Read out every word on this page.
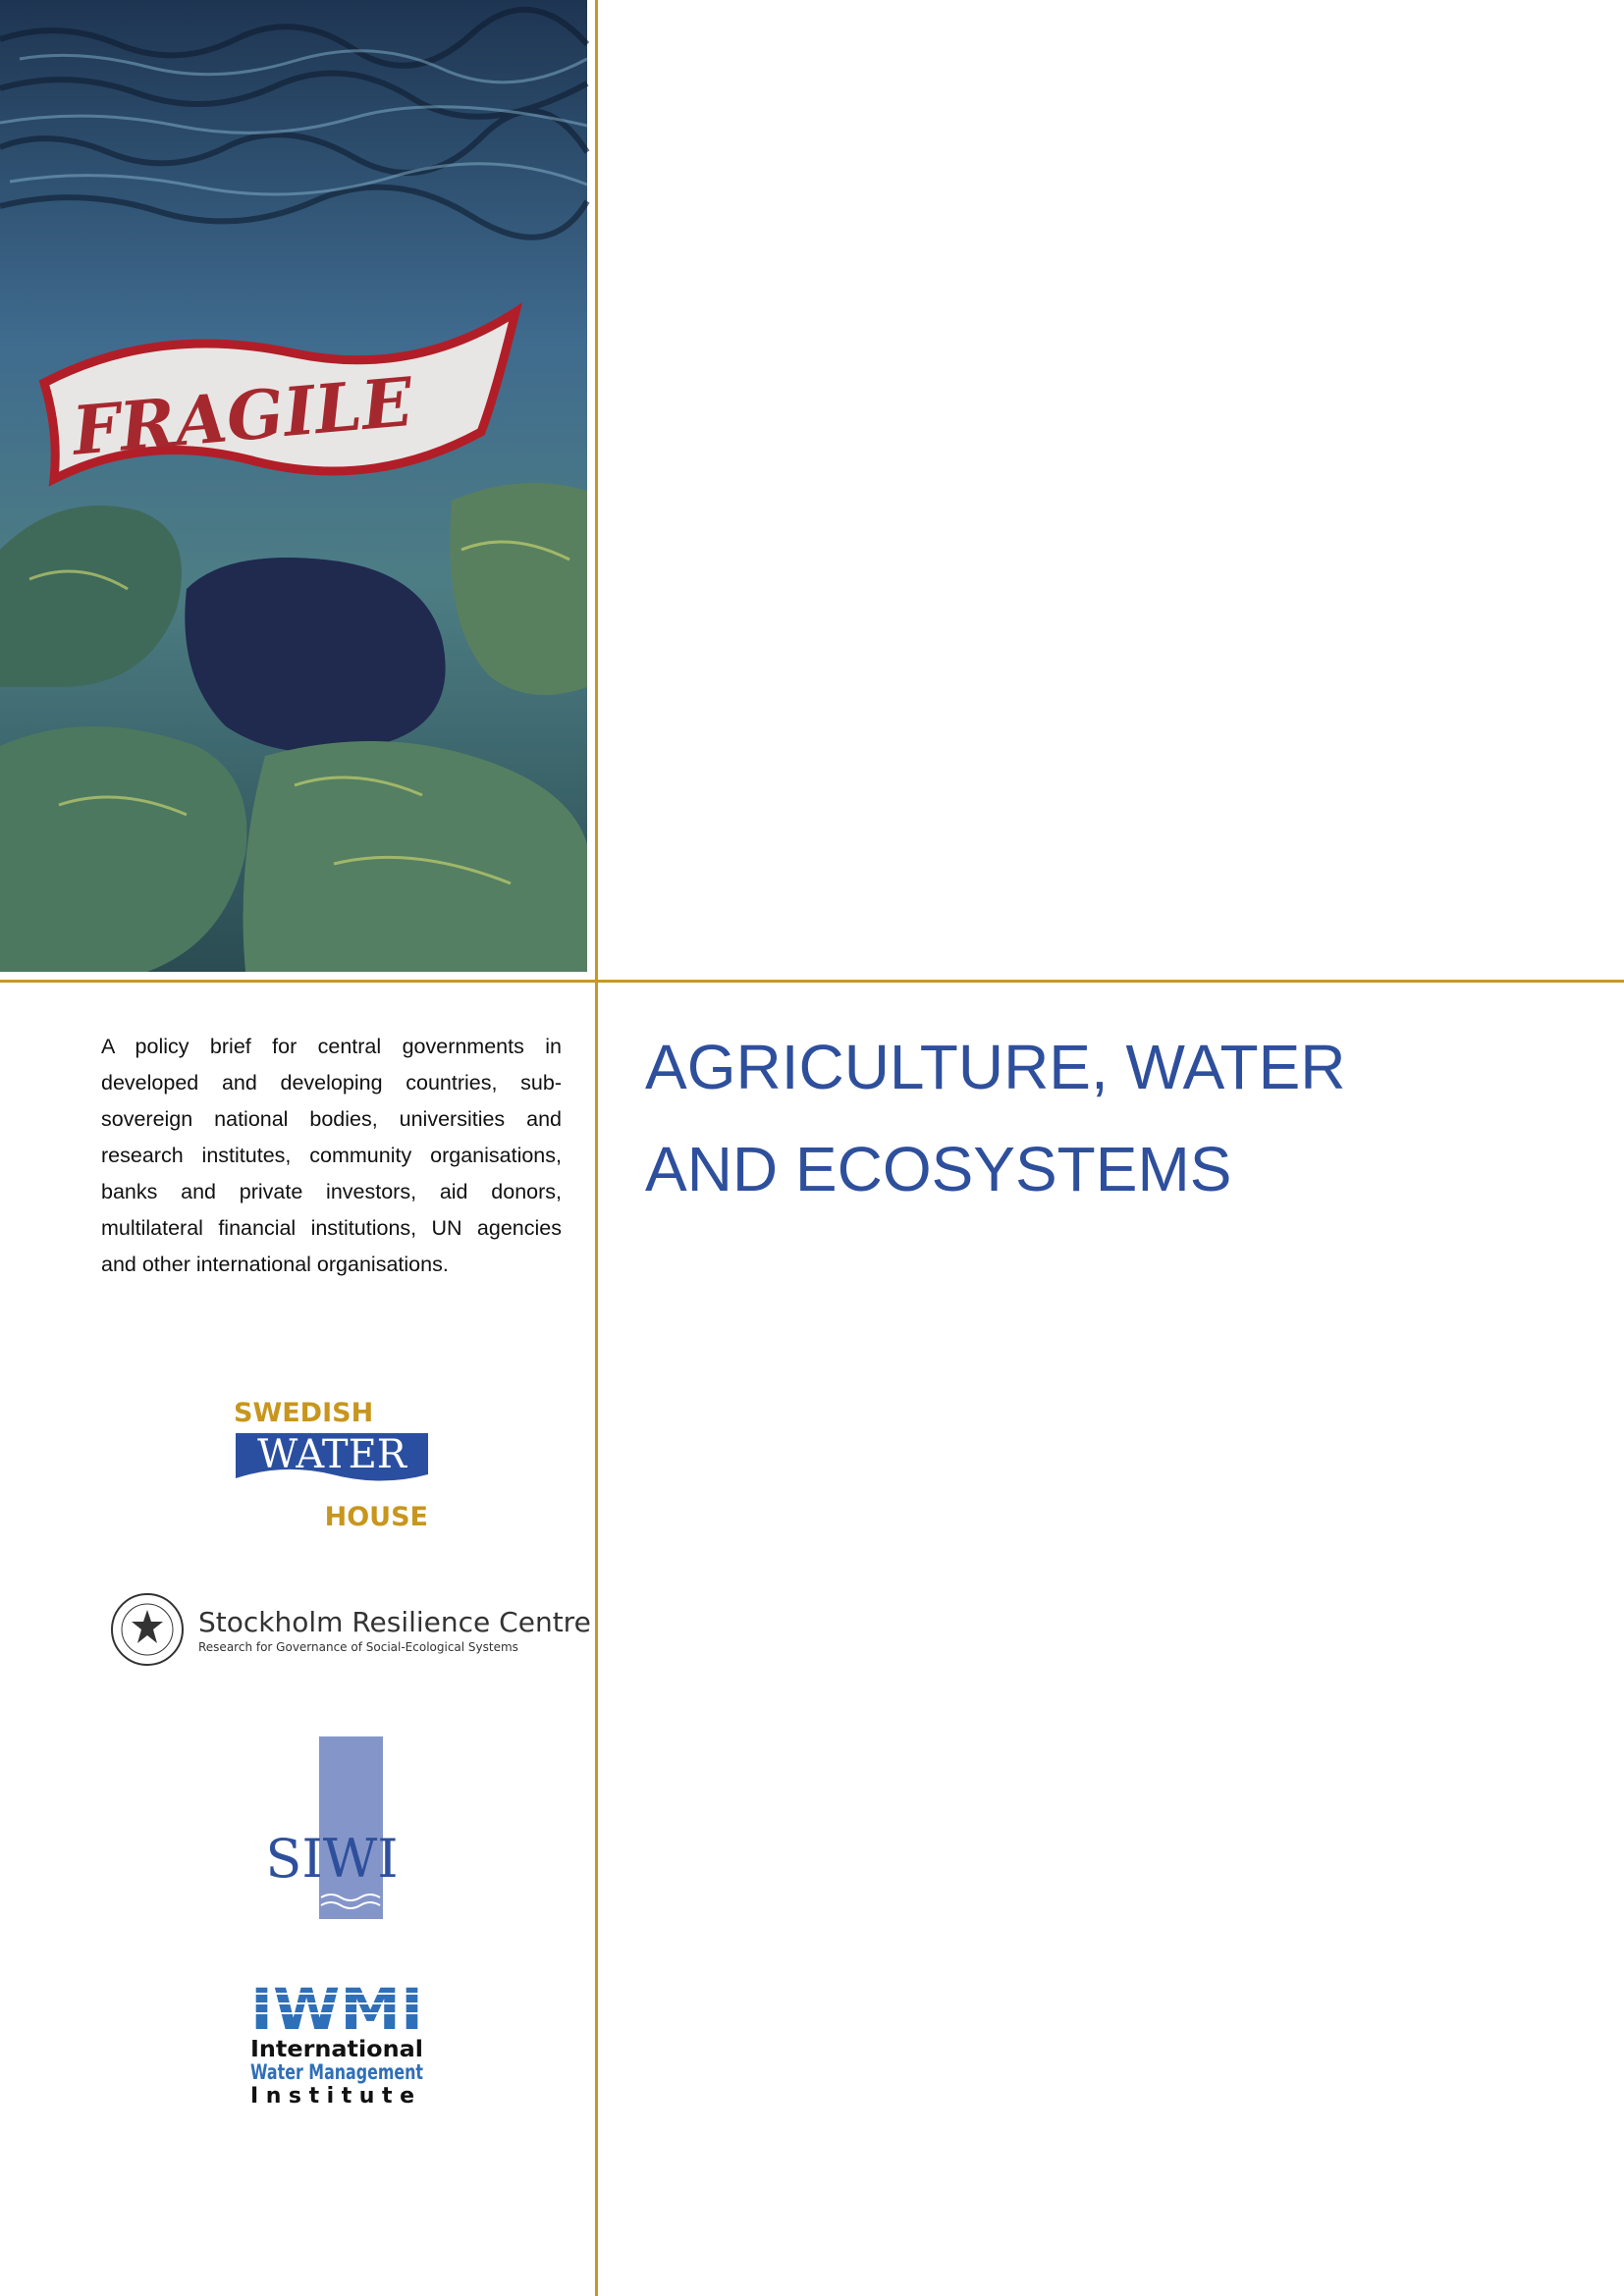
FRAGILE
A policy brief for central governments in developed and developing countries, sub-sovereign national bodies, universities and research institutes, community organisations, banks and private investors, aid donors, multilateral financial institutions, UN agencies and other international organisations.
AGRICULTURE, WATER
AND ECOSYSTEMS
SWEDISH
WATER
HOUSE
Stockholm Resilience Centre
Research for Governance of Social-Ecological Systems
SIWI
IWMI
International
Water Management
Institute
